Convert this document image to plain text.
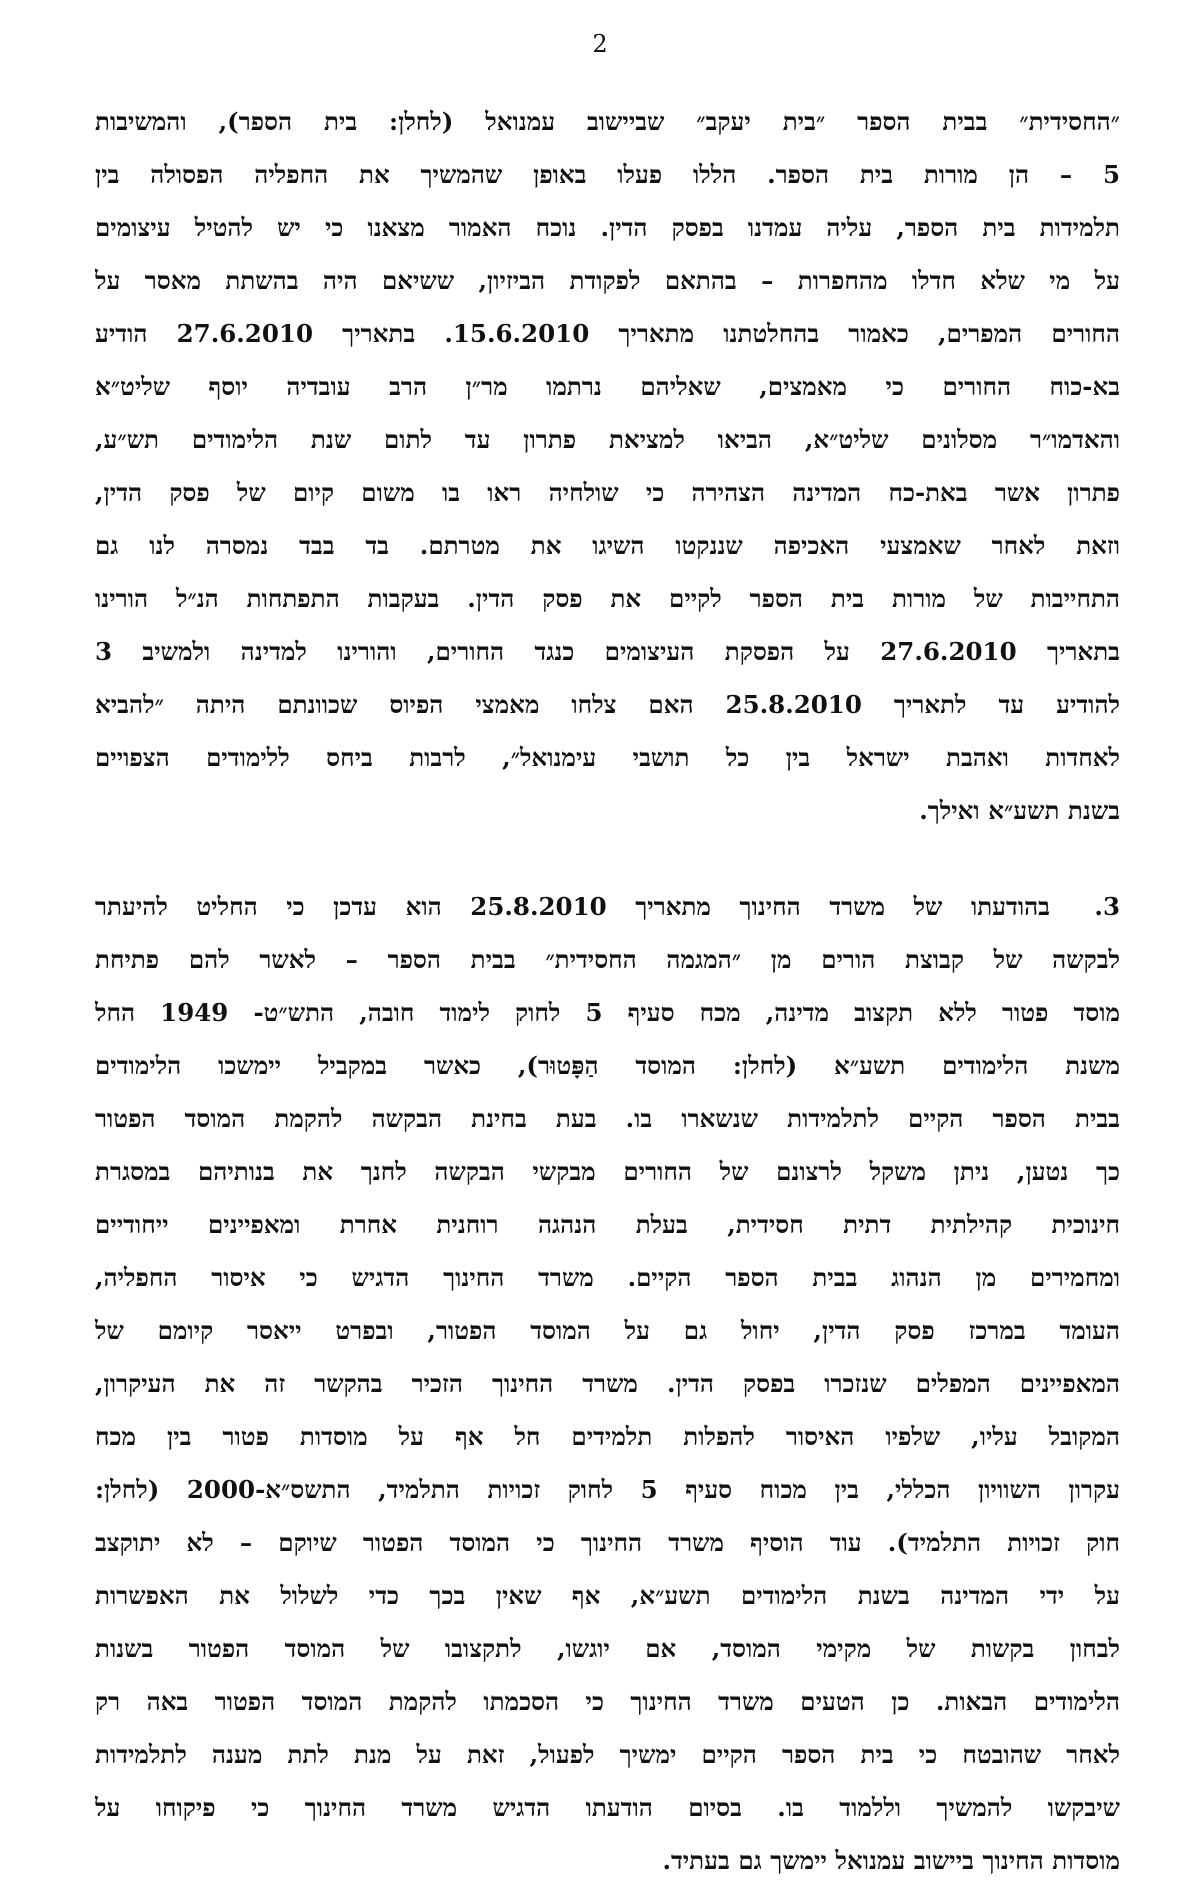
2
״החסידית״ בבית הספר ״בית יעקב״ שביישוב עמנואל (לחלן: בית הספר), והמשיבות
5 – הן מורות בית הספר. הללו פעלו באופן שהמשיך את החפליה הפסולה בין
תלמידות בית הספר, עליה עמדנו בפסק הדין. נוכח האמור מצאנו כי יש להטיל עיצומים
על מי שלא חדלו מהחפרות – בהתאם לפקודת הביזיון, ששיאם היה בהשתת מאסר על
החורים המפרים, כאמור בהחלטתנו מתאריך 15.6.2010. בתאריך 27.6.2010 הודיע
בא-כוח החורים כי מאמצים, שאליהם נרתמו מר״ן הרב עובדיה יוסף שליט״א
והאדמו״ר מסלונים שליט״א, הביאו למציאת פתרון עד לתום שנת הלימודים תש״ע,
פתרון אשר באת-כח המדינה הצהירה כי שולחיה ראו בו משום קיום של פסק הדין,
וזאת לאחר שאמצעי האכיפה שננקטו השיגו את מטרתם. בד בבד נמסרה לנו גם
התחייבות של מורות בית הספר לקיים את פסק הדין. בעקבות התפתחות הנ״ל הורינו
בתאריך 27.6.2010 על הפסקת העיצומים כנגד החורים, והורינו למדינה ולמשיב 3
להודיע עד לתאריך 25.8.2010 האם צלחו מאמצי הפיוס שכוונתם היתה ״להביא
לאחדות ואהבת ישראל בין כל תושבי עימנואל״, לרבות ביחס ללימודים הצפויים
בשנת תשע״א ואילך.
3.בהודעתו של משרד החינוך מתאריך 25.8.2010 הוא עדכן כי החליט להיעתר
לבקשה של קבוצת הורים מן ״המגמה החסידית״ בבית הספר – לאשר להם פתיחת
מוסד פטור ללא תקצוב מדינה, מכח סעיף 5 לחוק לימוד חובה, התש״ט- 1949 החל
משנת הלימודים תשע״א (לחלן: המוסד הַפָּטוּר), כאשר במקביל יימשכו הלימודים
בבית הספר הקיים לתלמידות שנשארו בו. בעת בחינת הבקשה להקמת המוסד הפטור
כך נטען, ניתן משקל לרצונם של החורים מבקשי הבקשה לחנך את בנותיהם במסגרת
חינוכית קהילתית דתית חסידית, בעלת הנהגה רוחנית אחרת ומאפיינים ייחודיים
ומחמירים מן הנהוג בבית הספר הקיים. משרד החינוך הדגיש כי איסור החפליה,
העומד במרכז פסק הדין, יחול גם על המוסד הפטור, ובפרט ייאסר קיומם של
המאפיינים המפלים שנזכרו בפסק הדין. משרד החינוך הזכיר בהקשר זה את העיקרון,
המקובל עליו, שלפיו האיסור להפלות תלמידים חל אף על מוסדות פטור בין מכח
עקרון השוויון הכללי, בין מכוח סעיף 5 לחוק זכויות התלמיד, התשס״א-2000 (לחלן:
חוק זכויות התלמיד). עוד הוסיף משרד החינוך כי המוסד הפטור שיוקם – לא יתוקצב
על ידי המדינה בשנת הלימודים תשע״א, אף שאין בכך כדי לשלול את האפשרות
לבחון בקשות של מקימי המוסד, אם יוגשו, לתקצובו של המוסד הפטור בשנות
הלימודים הבאות. כן הטעים משרד החינוך כי הסכמתו להקמת המוסד הפטור באה רק
לאחר שהובטח כי בית הספר הקיים ימשיך לפעול, זאת על מנת לתת מענה לתלמידות
שיבקשו להמשיך וללמוד בו. בסיום הודעתו הדגיש משרד החינוך כי פיקוחו על
מוסדות החינוך ביישוב עמנואל יימשך גם בעתיד.
